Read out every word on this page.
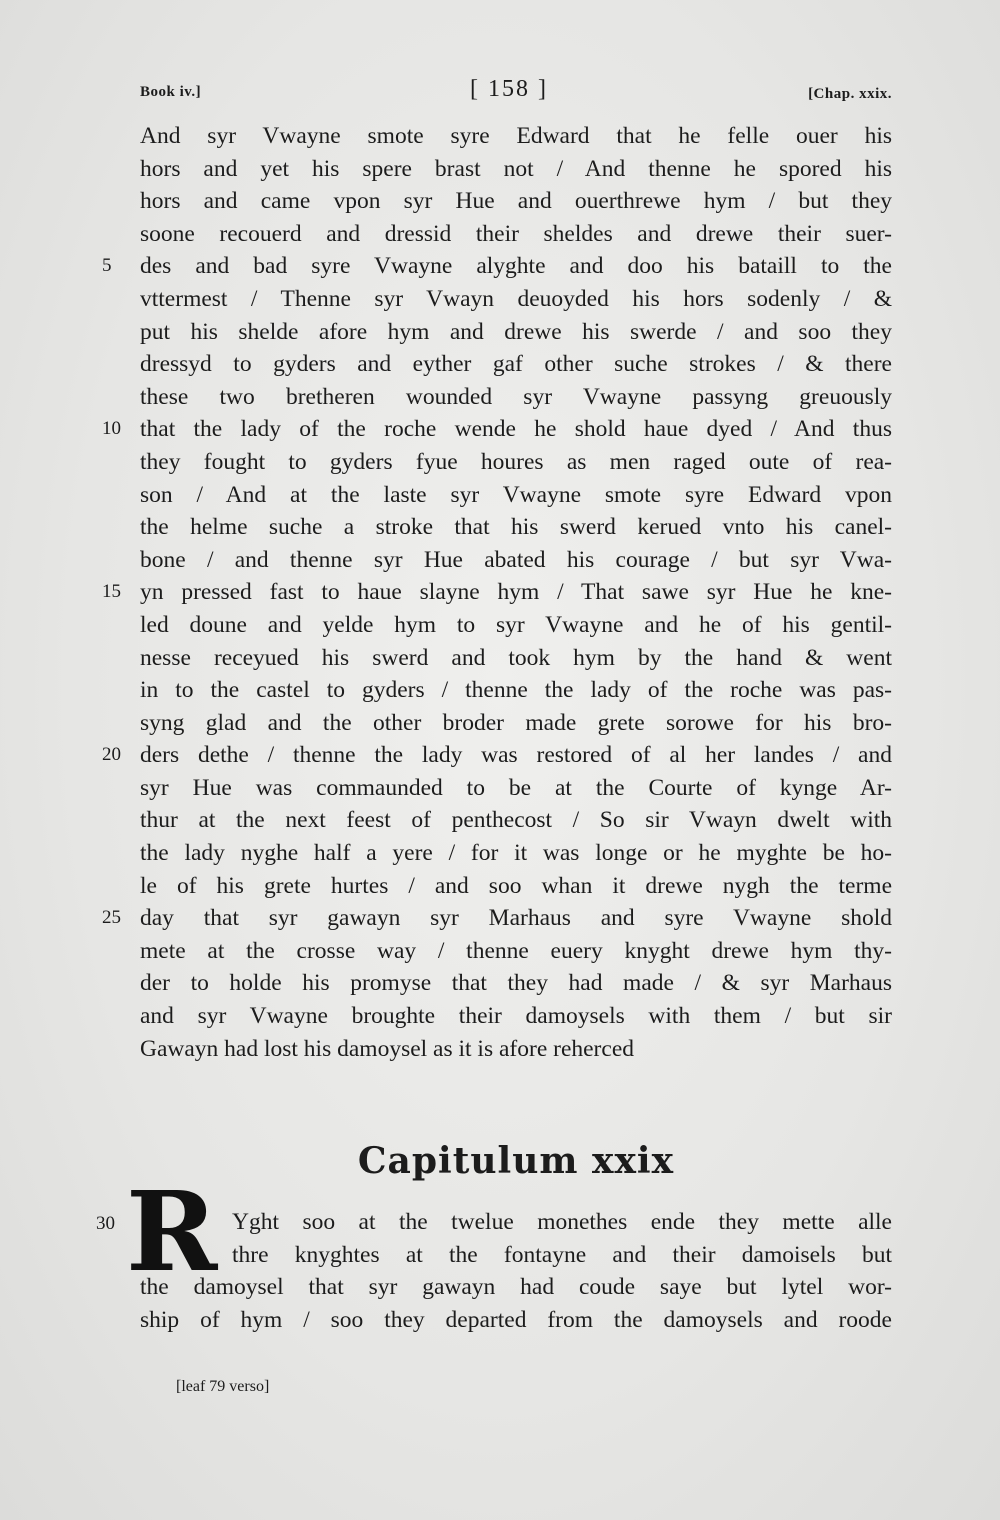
Book iv.]	[ 158 ]	[Chap. xxix.
And syr Vwayne smote syre Edward that he felle ouer his
hors and yet his spere brast not / And thenne he spored his
hors and came vpon syr Hue and ouerthrewe hym / but they
soone recouerd and dressid their sheldes and drewe their suer-
5	des and bad syre Vwayne alyghte and doo his bataill to the
vttermest / Thenne syr Vwayn deuoyded his hors sodenly / &
put his shelde afore hym and drewe his swerde / and soo they
dressyd to gyders and eyther gaf other suche strokes / & there
these two bretheren wounded syr Vwayne passyng greuously
10 that the lady of the roche wende he shold haue dyed / And thus
they fought to gyders fyue houres as men raged oute of rea-
son / And at the laste syr Vwayne smote syre Edward vpon
the helme suche a stroke that his swerd kerued vnto his canel-
bone / and thenne syr Hue abated his courage / but syr Vwa-
15 yn pressed fast to haue slayne hym / That sawe syr Hue he kne-
led doune and yelde hym to syr Vwayne and he of his gentil-
nesse receyued his swerd and took hym by the hand & went
in to the castel to gyders / thenne the lady of the roche was pas-
syng glad and the other broder made grete sorowe for his bro-
20 ders dethe / thenne the lady was restored of al her landes / and
syr Hue was commaunded to be at the Courte of kynge Ar-
thur at the next feest of penthecost / So sir Vwayn dwelt with
the lady nyghe half a yere / for it was longe or he myghte be ho-
le of his grete hurtes / and soo whan it drewe nygh the terme
25 day that syr gawayn syr Marhaus and syre Vwayne shold
mete at the crosse way / thenne euery knyght drewe hym thy-
der to holde his promyse that they had made / & syr Marhaus
and syr Vwayne broughte their damoysels with them / but sir
Gawayn had lost his damoysel as it is afore reherced
Capitulum xxix
30 R Yght soo at the twelue monethes ende they mette alle
thre knyghtes at the fontayne and their damoisels but
the damoysel that syr gawayn had coude saye but lytel wor-
ship of hym / soo they departed from the damoysels and roode
[leaf 79 verso]
